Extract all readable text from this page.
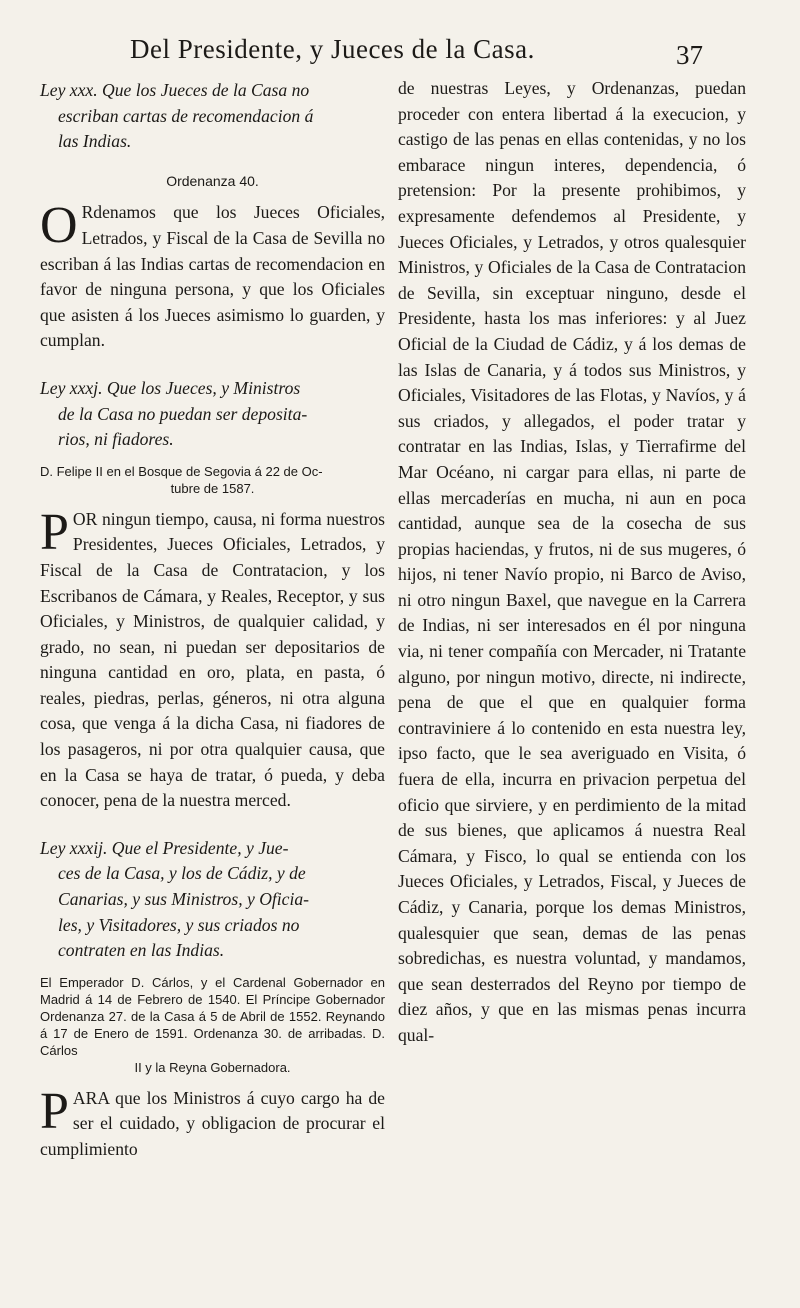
Del Presidente, y Jueces de la Casa.	37
Ley xxx. Que los Jueces de la Casa no
escriban cartas de recomendacion á
las Indias.
Ordenanza 40.

O Rdenamos que los Jueces Oficiales, Letrados, y Fiscal de la Casa de Sevilla no escriban á las Indias cartas de recomendacion en favor de ninguna persona, y que los Oficiales que asisten á los Jueces asimismo lo guarden, y cumplan.

Ley xxxj. Que los Jueces, y Ministros
de la Casa no puedan ser deposita-
rios, ni fiadores.
D. Felipe II en el Bosque de Segovia á 22 de Oc-
tubre de 1587.

POR ningun tiempo, causa, ni forma nuestros Presidentes, Jueces Oficiales, Letrados, y Fiscal de la Casa de Contratacion, y los Escribanos de Cámara, y Reales, Receptor, y sus Oficiales, y Ministros, de qualquier calidad, y grado, no sean, ni puedan ser depositarios de ninguna cantidad en oro, plata, en pasta, ó reales, piedras, perlas, géneros, ni otra alguna cosa, que venga á la dicha Casa, ni fiadores de los pasageros, ni por otra qualquier causa, que en la Casa se haya de tratar, ó pueda, y deba conocer, pena de la nuestra merced.

Ley xxxij. Que el Presidente, y Jue-
ces de la Casa, y los de Cádiz, y de
Canarias, y sus Ministros, y Oficia-
les, y Visitadores, y sus criados no
contraten en las Indias.
El Emperador D. Cárlos, y el Cardenal Gobernador en Madrid á 14 de Febrero de 1540. El Príncipe Gobernador Ordenanza 27. de la Casa á 5 de Abril de 1552. Reynando á 17 de Enero de 1591. Ordenanza 30. de arribadas. D. Cárlos
II y la Reyna Gobernadora.

PARA que los Ministros á cuyo cargo ha de ser el cuidado, y obligacion de procurar el cumplimiento

de nuestras Leyes, y Ordenanzas, puedan proceder con entera libertad á la execucion, y castigo de las penas en ellas contenidas, y no los embarace ningun interes, dependencia, ó pretension: Por la presente prohibimos, y expresamente defendemos al Presidente, y Jueces Oficiales, y Letrados, y otros qualesquier Ministros, y Oficiales de la Casa de Contratacion de Sevilla, sin exceptuar ninguno, desde el Presidente, hasta los mas inferiores: y al Juez Oficial de la Ciudad de Cádiz, y á los demas de las Islas de Canaria, y á todos sus Ministros, y Oficiales, Visitadores de las Flotas, y Navíos, y á sus criados, y allegados, el poder tratar y contratar en las Indias, Islas, y Tierrafirme del Mar Océano, ni cargar para ellas, ni parte de ellas mercaderías en mucha, ni aun en poca cantidad, aunque sea de la cosecha de sus propias haciendas, y frutos, ni de sus mugeres, ó hijos, ni tener Navío propio, ni Barco de Aviso, ni otro ningun Baxel, que navegue en la Carrera de Indias, ni ser interesados en él por ninguna via, ni tener compañía con Mercader, ni Tratante alguno, por ningun motivo, directe, ni indirecte, pena de que el que en qualquier forma contraviniere á lo contenido en esta nuestra ley, ipso facto, que le sea averiguado en Visita, ó fuera de ella, incurra en privacion perpetua del oficio que sirviere, y en perdimiento de la mitad de sus bienes, que aplicamos á nuestra Real Cámara, y Fisco, lo qual se entienda con los Jueces Oficiales, y Letrados, Fiscal, y Jueces de Cádiz, y Canaria, porque los demas Ministros, qualesquier que sean, demas de las penas sobredichas, es nuestra voluntad, y mandamos, que sean desterrados del Reyno por tiempo de diez años, y que en las mismas penas incurra qual-
